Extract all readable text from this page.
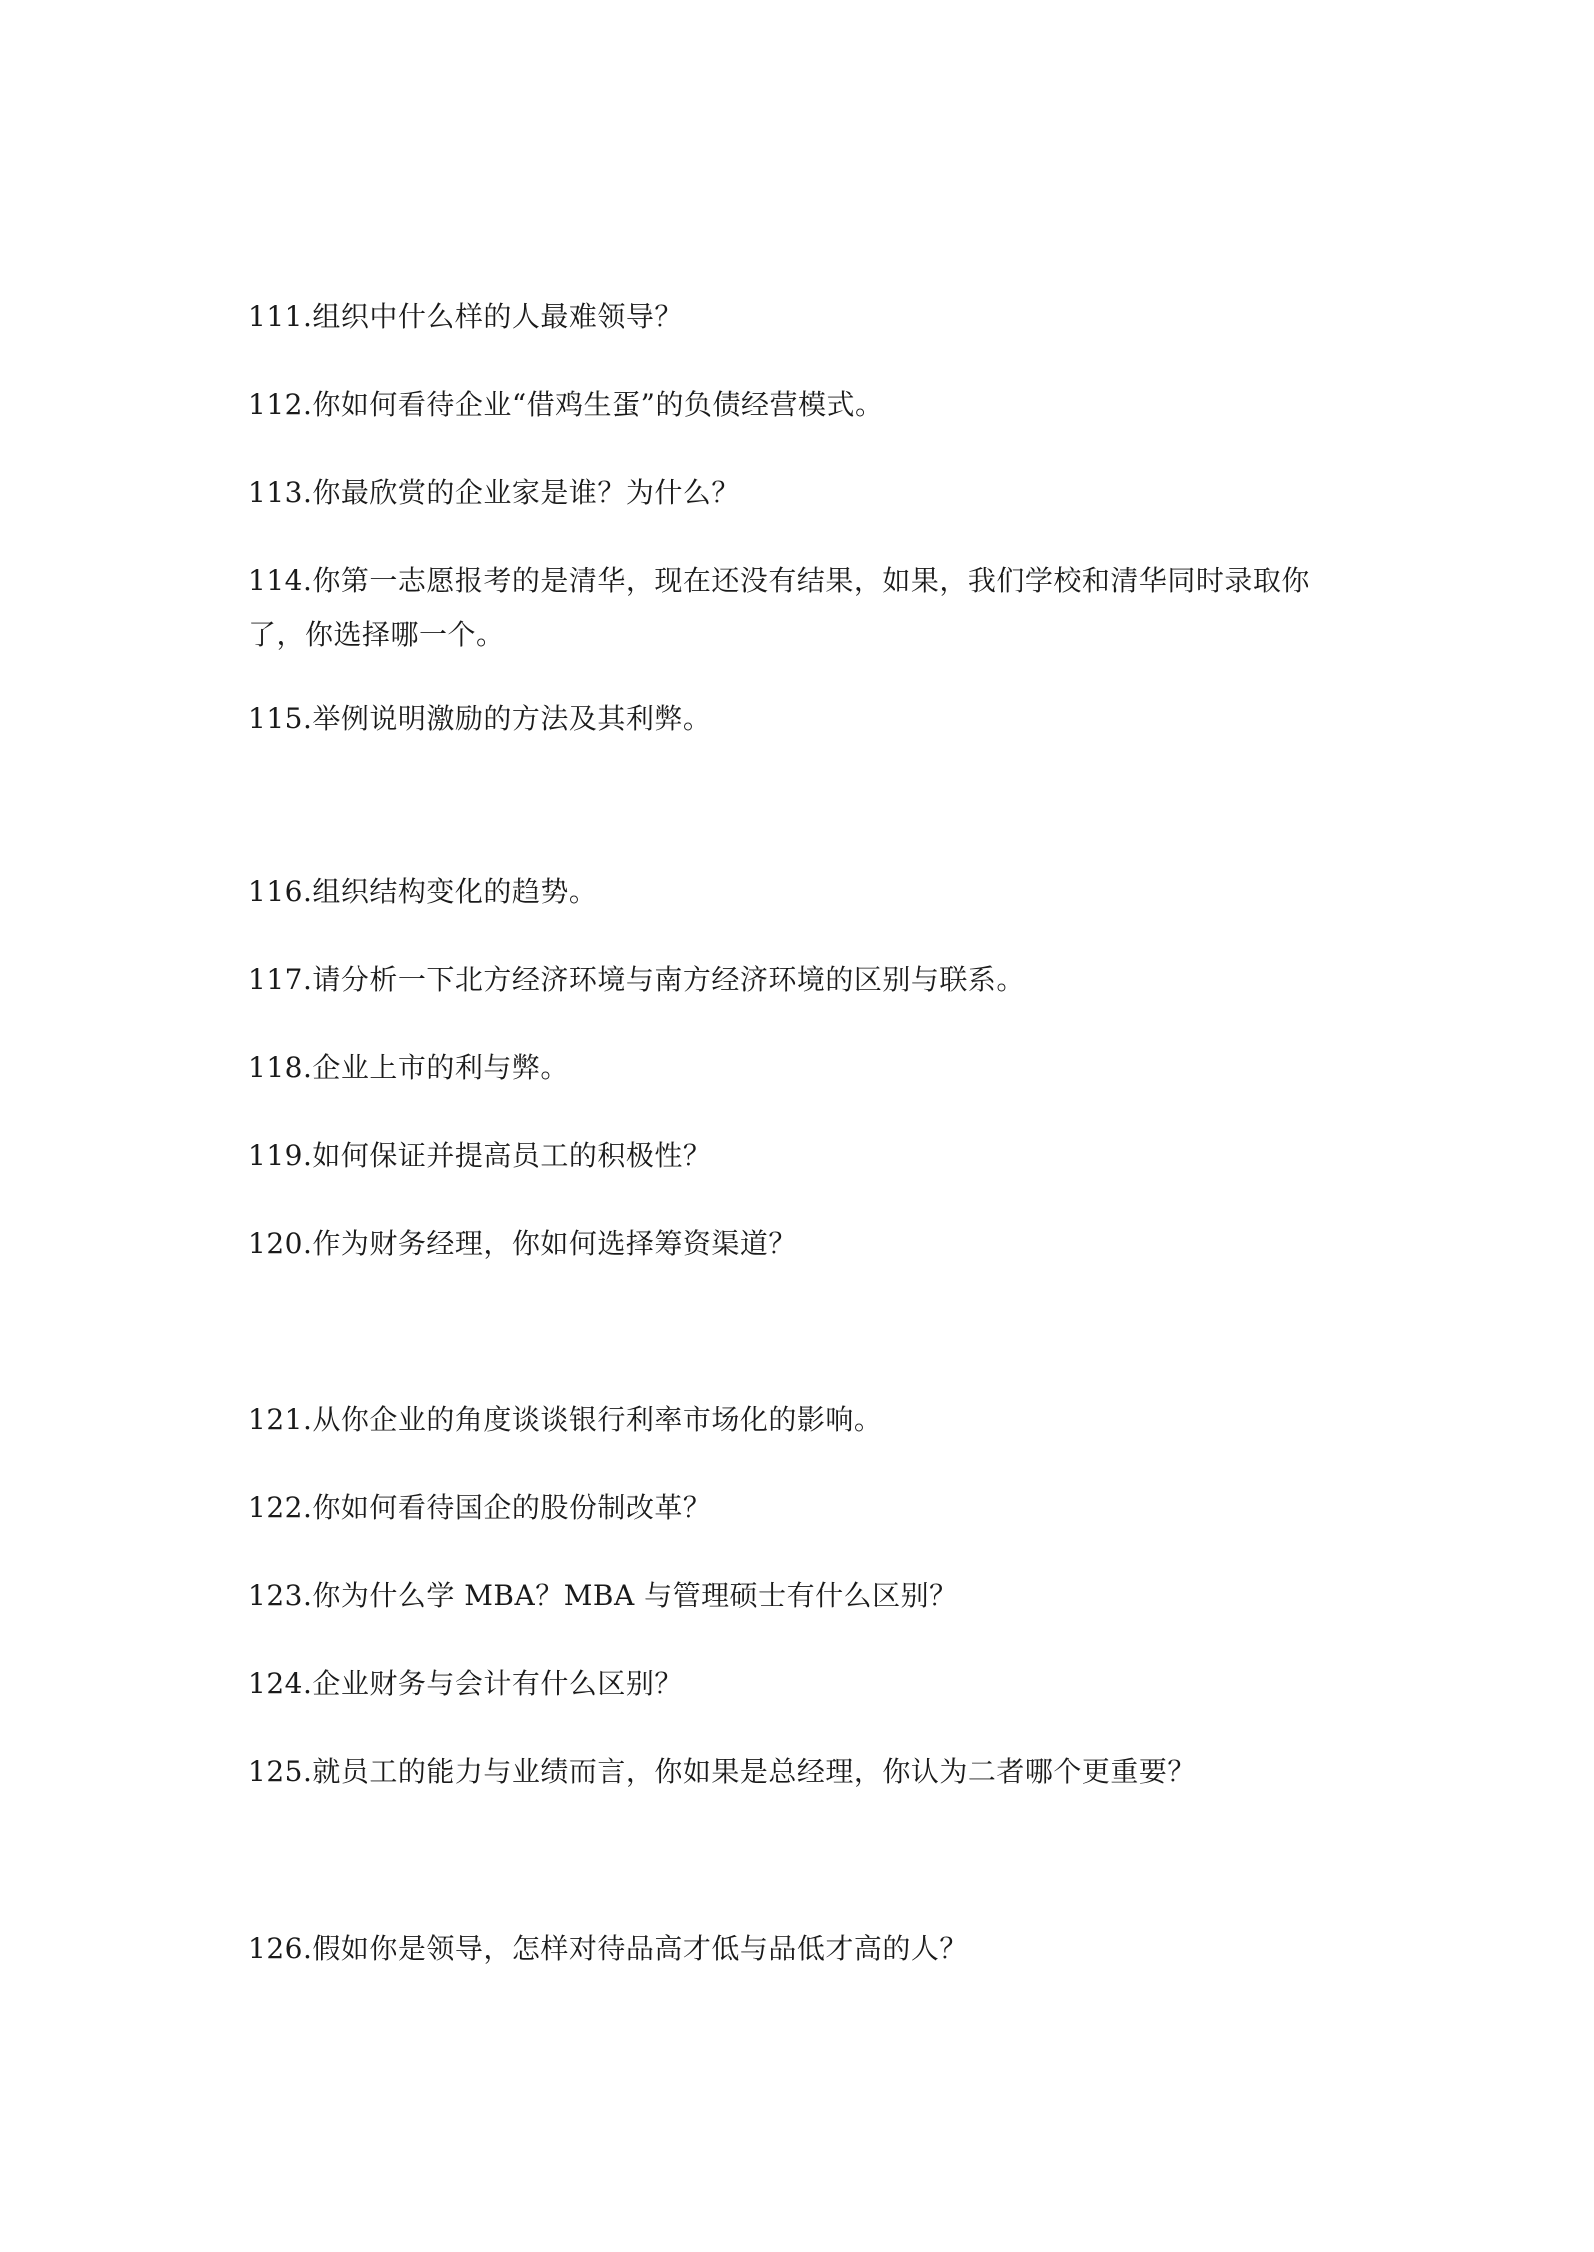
111.组织中什么样的人最难领导？

112.你如何看待企业“借鸡生蛋”的负债经营模式。

113.你最欣赏的企业家是谁？为什么？

114.你第一志愿报考的是清华，现在还没有结果，如果，我们学校和清华同时录取你了，你选择哪一个。

115.举例说明激励的方法及其利弊。

116.组织结构变化的趋势。

117.请分析一下北方经济环境与南方经济环境的区别与联系。

118.企业上市的利与弊。

119.如何保证并提高员工的积极性？

120.作为财务经理，你如何选择筹资渠道？

121.从你企业的角度谈谈银行利率市场化的影响。

122.你如何看待国企的股份制改革？

123.你为什么学 MBA？MBA 与管理硕士有什么区别？

124.企业财务与会计有什么区别？

125.就员工的能力与业绩而言，你如果是总经理，你认为二者哪个更重要？

126.假如你是领导，怎样对待品高才低与品低才高的人？
